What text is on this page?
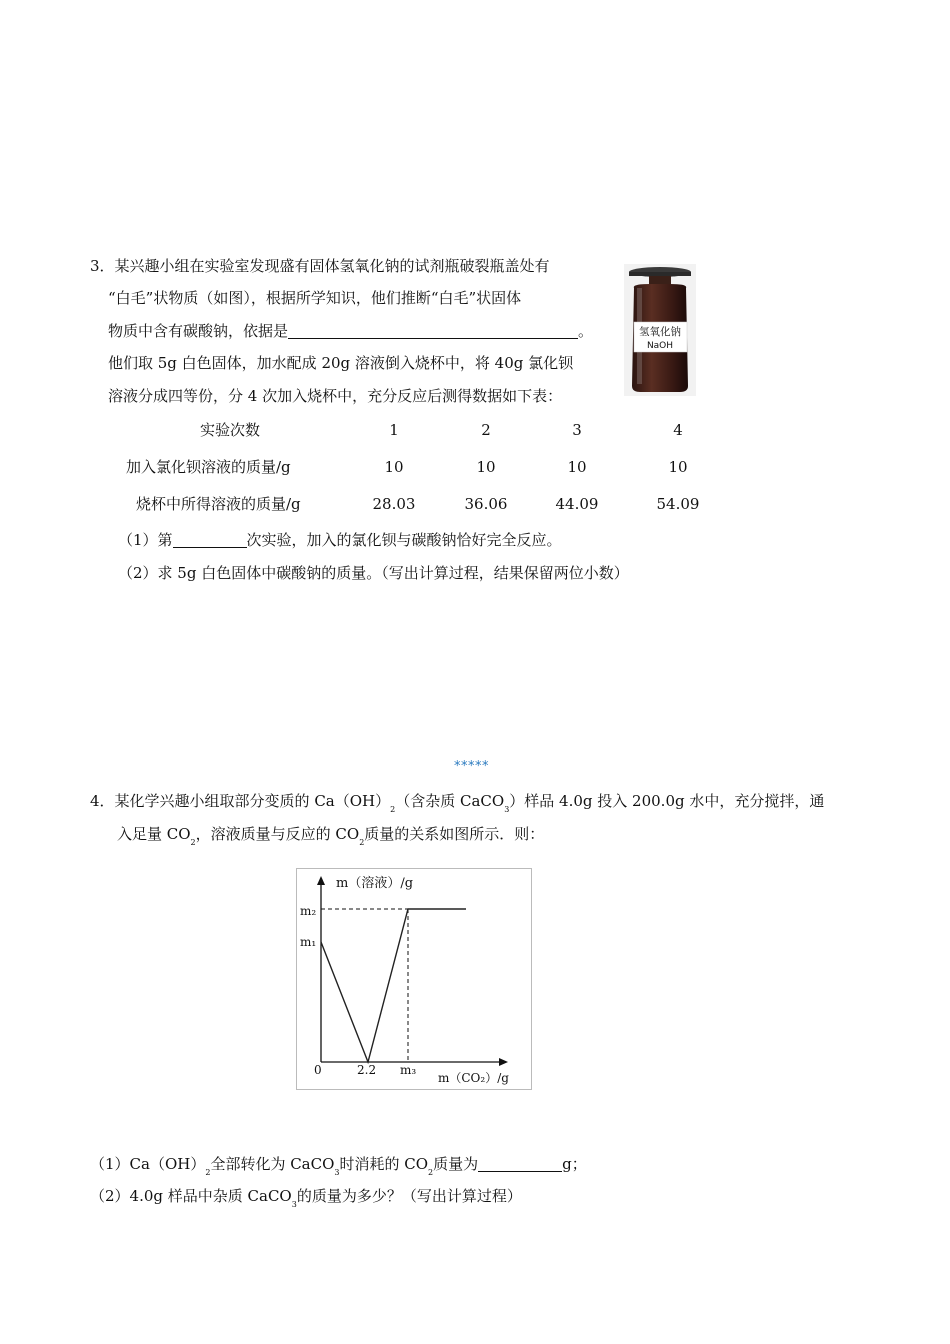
3．某兴趣小组在实验室发现盛有固体氢氧化钠的试剂瓶破裂瓶盖处有
“白毛”状物质（如图），根据所学知识，他们推断“白毛”状固体
物质中含有碳酸钠，依据是	。
他们取 5g 白色固体，加水配成 20g 溶液倒入烧杯中，将 40g 氯化钡
溶液分成四等份，分 4 次加入烧杯中，充分反应后测得数据如下表：
氢氧化钠
NaOH
实验次数	1	2	3	4
加入氯化钡溶液的质量/g	10	10	10	10
烧杯中所得溶液的质量/g	28.03	36.06	44.09	54.09
（1）第	次实验，加入的氯化钡与碳酸钠恰好完全反应。
（2）求 5g 白色固体中碳酸钠的质量。（写出计算过程，结果保留两位小数）
*****
4．某化学兴趣小组取部分变质的 $Ca(OH)_2$（含杂质 CaCO$_3$）样品 4.0g 投入 200.0g 水中，充分搅拌，通
入足量 $CO_2$，溶液质量与反应的 $CO_2$质量的关系如图所示．则：
m（溶液）/g
m₂
m₁
0	2.2 m₃
m（CO₂）/g
$(1)Ca(OH)_2$全部转化为 CaCO$_3$时消耗的 $CO_2$质量为	g；
（2）4.0g 样品中杂质 CaCO$_3$的质量为多少？（写出计算过程）
